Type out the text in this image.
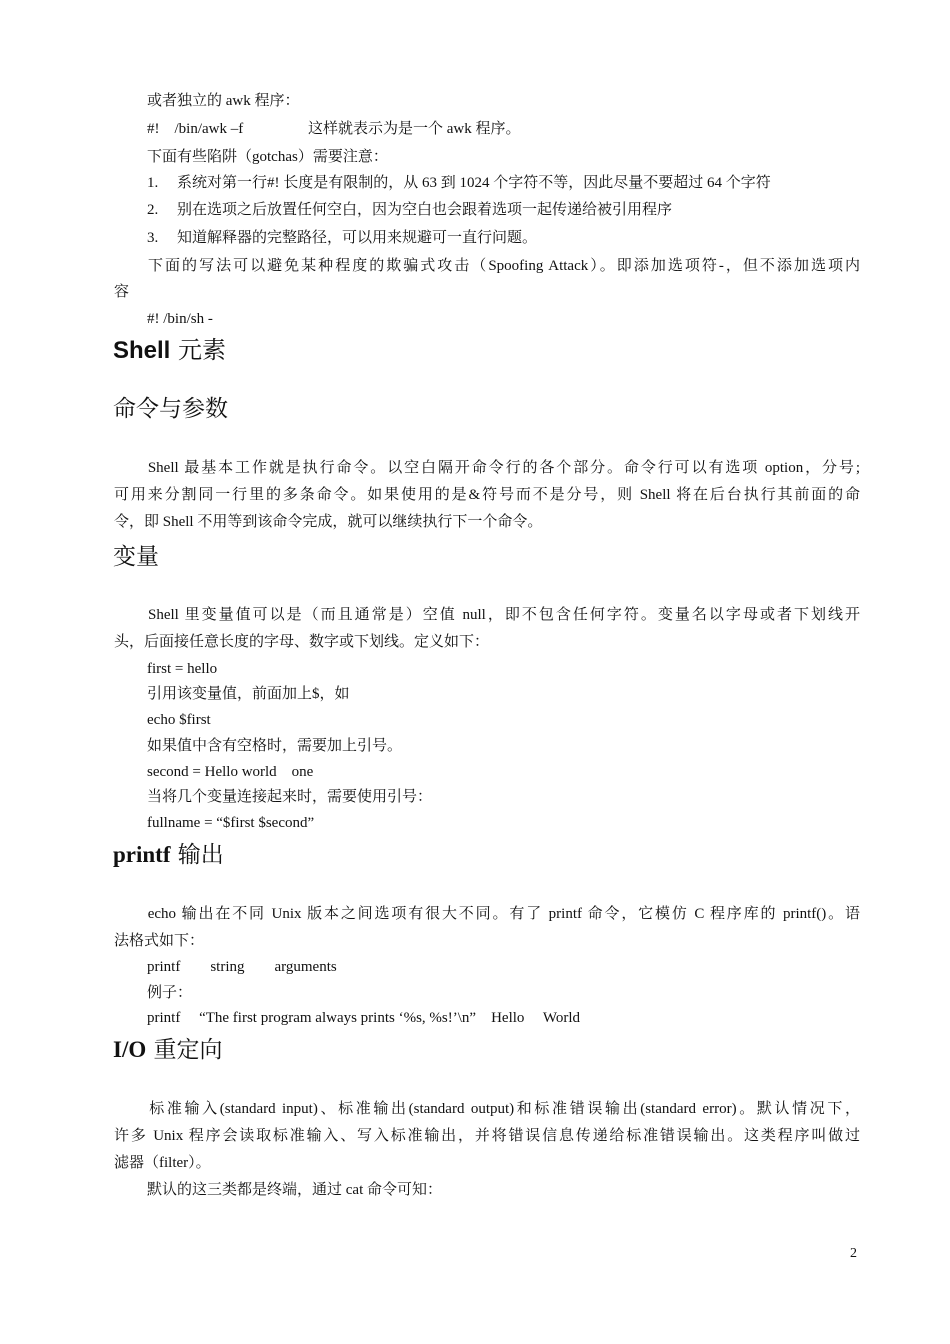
或者独立的 awk 程序：
#!　/bin/awk –f	这样就表示为是一个 awk 程序。
下面有些陷阱（gotchas）需要注意：
1. 系统对第一行#! 长度是有限制的，从 63 到 1024 个字符不等，因此尽量不要超过 64 个字符
2. 别在选项之后放置任何空白，因为空白也会跟着选项一起传递给被引用程序
3. 知道解释器的完整路径，可以用来规避可一直行问题。
　　下面的写法可以避免某种程度的欺骗式攻击（Spoofing Attack）。即添加选项符-，但不添加选项内
容
#! /bin/sh -
Shell 元素
命令与参数
　　Shell 最基本工作就是执行命令。以空白隔开命令行的各个部分。命令行可以有选项 option，分号;
可用来分割同一行里的多条命令。如果使用的是&符号而不是分号，则 Shell 将在后台执行其前面的命
令，即 Shell 不用等到该命令完成，就可以继续执行下一个命令。
变量
　　Shell 里变量值可以是（而且通常是）空值 null，即不包含任何字符。变量名以字母或者下划线开
头，后面接任意长度的字母、数字或下划线。定义如下：
first = hello
引用该变量值，前面加上$，如
echo $first
如果值中含有空格时，需要加上引号。
second = Hello world　one
当将几个变量连接起来时，需要使用引号：
fullname = “$first $second”
printf 输出
　　echo 输出在不同 Unix 版本之间选项有很大不同。有了 printf 命令，它模仿 C 程序库的 printf()。语
法格式如下：
printf　　string　　arguments
例子：
printf　 “The first program always prints ‘%s, %s!’\n”　Hello　 World
I/O 重定向
　　标准输入(standard input)、标准输出(standard output)和标准错误输出(standard error)。默认情况下，
许多 Unix 程序会读取标准输入、写入标准输出，并将错误信息传递给标准错误输出。这类程序叫做过
滤器（filter）。
默认的这三类都是终端，通过 cat 命令可知：
2
